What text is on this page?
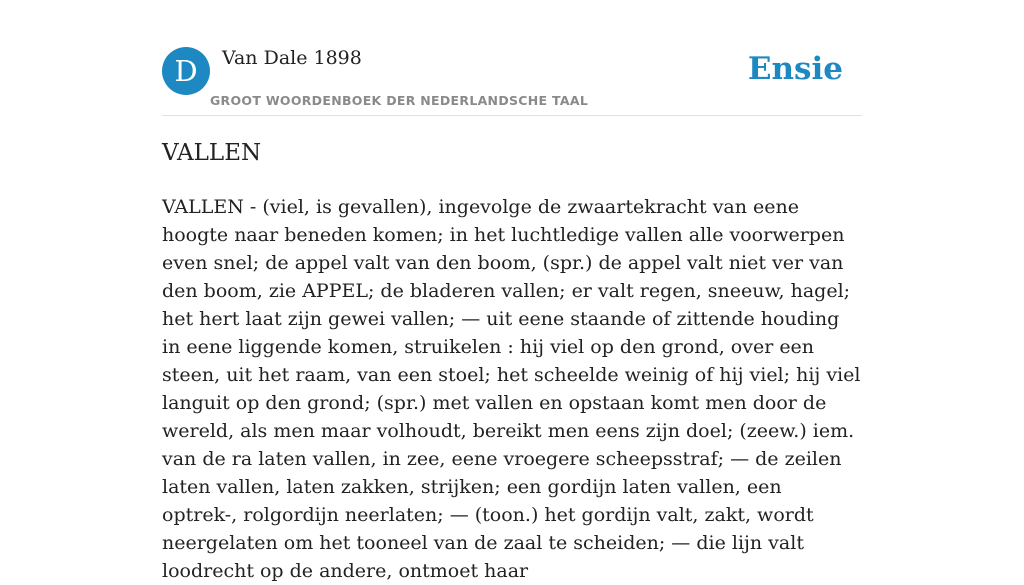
D	Van Dale 1898
GROOT WOORDENBOEK DER NEDERLANDSCHE TAAL
Ensie
VALLEN

VALLEN - (viel, is gevallen), ingevolge de zwaartekracht van eene hoogte naar beneden komen; in het luchtledige vallen alle voorwerpen even snel; de appel valt van den boom, (spr.) de appel valt niet ver van den boom, zie APPEL; de bladeren vallen; er valt regen, sneeuw, hagel; het hert laat zijn gewei vallen; — uit eene staande of zittende houding in eene liggende komen, struikelen : hij viel op den grond, over een steen, uit het raam, van een stoel; het scheelde weinig of hij viel; hij viel languit op den grond; (spr.) met vallen en opstaan komt men door de wereld, als men maar volhoudt, bereikt men eens zijn doel; (zeew.) iem. van de ra laten vallen, in zee, eene vroegere scheepsstraf; — de zeilen laten vallen, laten zakken, strijken; een gordijn laten vallen, een optrek-, rolgordijn neerlaten; — (toon.) het gordijn valt, zakt, wordt neergelaten om het tooneel van de zaal te scheiden; — die lijn valt loodrecht op de andere, ontmoet haar
